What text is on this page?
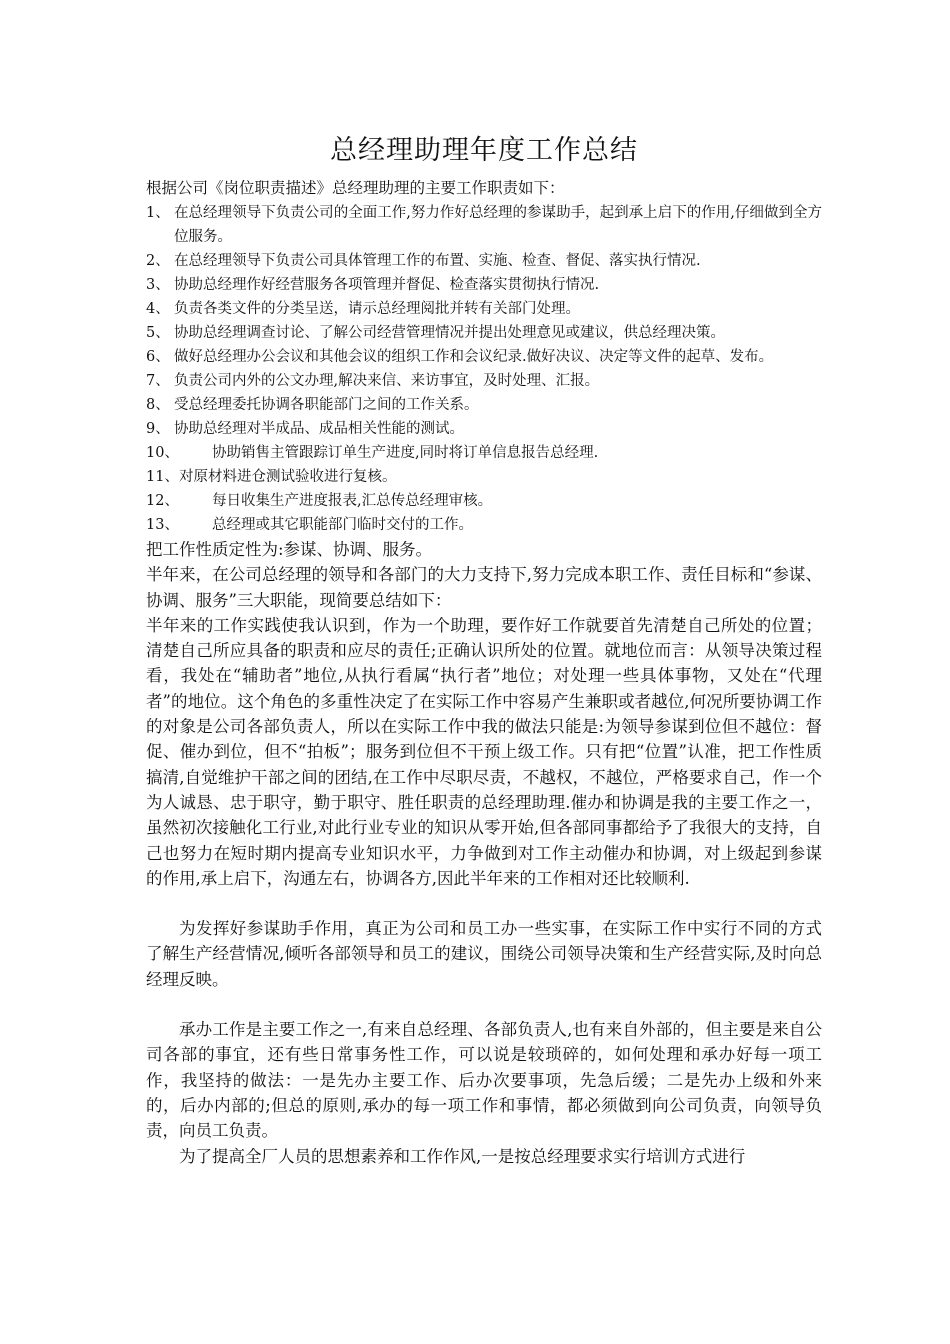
总经理助理年度工作总结

根据公司《岗位职责描述》总经理助理的主要工作职责如下：

1、 在总经理领导下负责公司的全面工作,努力作好总经理的参谋助手，起到承上启下的作用,仔细做到全方位服务。
2、 在总经理领导下负责公司具体管理工作的布置、实施、检查、督促、落实执行情况.
3、 协助总经理作好经营服务各项管理并督促、检查落实贯彻执行情况.
4、 负责各类文件的分类呈送，请示总经理阅批并转有关部门处理。
5、 协助总经理调查讨论、了解公司经营管理情况并提出处理意见或建议，供总经理决策。
6、 做好总经理办公会议和其他会议的组织工作和会议纪录.做好决议、决定等文件的起草、发布。
7、 负责公司内外的公文办理,解决来信、来访事宜，及时处理、汇报。
8、 受总经理委托协调各职能部门之间的工作关系。
9、 协助总经理对半成品、成品相关性能的测试。
10、	协助销售主管跟踪订单生产进度,同时将订单信息报告总经理.
11、 对原材料进仓测试验收进行复核。
12、	每日收集生产进度报表,汇总传总经理审核。
13、	总经理或其它职能部门临时交付的工作。

把工作性质定性为:参谋、协调、服务。

半年来，在公司总经理的领导和各部门的大力支持下,努力完成本职工作、责任目标和“参谋、协调、服务”三大职能，现简要总结如下：

半年来的工作实践使我认识到，作为一个助理，要作好工作就要首先清楚自己所处的位置；清楚自己所应具备的职责和应尽的责任;正确认识所处的位置。就地位而言：从领导决策过程看，我处在“辅助者”地位,从执行看属“执行者”地位；对处理一些具体事物，又处在“代理者”的地位。这个角色的多重性决定了在实际工作中容易产生兼职或者越位,何况所要协调工作的对象是公司各部负责人，所以在实际工作中我的做法只能是:为领导参谋到位但不越位：督促、催办到位，但不“拍板”；服务到位但不干预上级工作。只有把“位置”认准，把工作性质搞清,自觉维护干部之间的团结,在工作中尽职尽责，不越权，不越位，严格要求自己，作一个为人诚恳、忠于职守，勤于职守、胜任职责的总经理助理.催办和协调是我的主要工作之一，虽然初次接触化工行业,对此行业专业的知识从零开始,但各部同事都给予了我很大的支持，自己也努力在短时期内提高专业知识水平，力争做到对工作主动催办和协调，对上级起到参谋的作用,承上启下，沟通左右，协调各方,因此半年来的工作相对还比较顺利.

为发挥好参谋助手作用，真正为公司和员工办一些实事，在实际工作中实行不同的方式了解生产经营情况,倾听各部领导和员工的建议，围绕公司领导决策和生产经营实际,及时向总经理反映。

承办工作是主要工作之一,有来自总经理、各部负责人,也有来自外部的，但主要是来自公司各部的事宜，还有些日常事务性工作，可以说是较琐碎的，如何处理和承办好每一项工作，我坚持的做法：一是先办主要工作、后办次要事项，先急后缓；二是先办上级和外来的，后办内部的;但总的原则,承办的每一项工作和事情，都必须做到向公司负责，向领导负责，向员工负责。

为了提高全厂人员的思想素养和工作作风,一是按总经理要求实行培训方式进行
